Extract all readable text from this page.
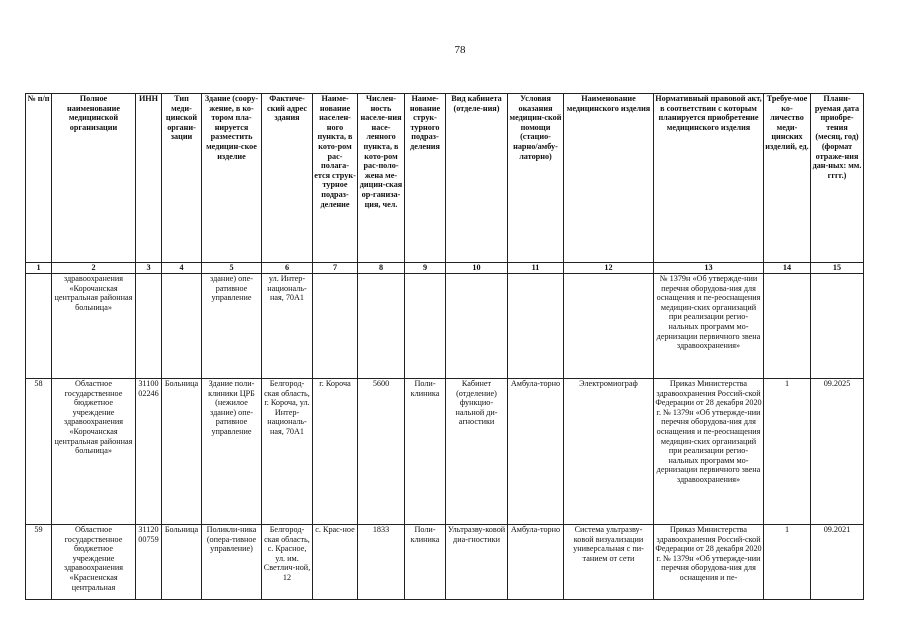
78
№ п/п	Полное наименование медицинской организации	ИНН	Тип меди-цинской органи-зации	Здание (соору-жение, в ко-тором пла-нируется разместить медицин-ское изделие	Фактиче-ский адрес здания	Наиме-нование населен-ного пункта, в кото-ром рас-полага-ется струк-турное подраз-деление	Числен-ность населе-ния насе-ленного пункта, в кото-ром рас-поло-жена ме-дицин-ская ор-ганиза-ция, чел.	Наиме-нование струк-турного подраз-деления	Вид кабинета (отделе-ния)	Условия оказания медицин-ской помощи (стацио-нарно/амбу-латорно)	Наименование медицинского изделия	Нормативный правовой акт, в соответствии с которым планируется приобретение медицинского изделия	Требуе-мое ко-личество меди-цинских изделий, ед.	Плани-руемая дата приобре-тения (месяц, год) (формат отраже-ния дан-ных: мм. гггг.)
1	2	3	4	5	6	7	8	9	10	11	12	13	14	15
	здравоохранения «Корочанская центральная районная больница»			здание) опе-ративное управление	ул. Интер-националь-ная, 70А1							№ 1379н «Об утвержде-нии перечня оборудова-ния для оснащения и пе-реоснащения медицин-ских организаций при реализации регио-нальных программ мо-дернизации первичного звена здравоохранения»		
58	Областное государственное бюджетное учреждение здравоохранения «Корочанская центральная районная больница»	31100 02246	Больница	Здание поли-клиники ЦРБ (нежилое здание) опе-ративное управление	Белгород-ская область, г. Короча, ул. Интер-националь-ная, 70А1	г. Короча	5600	Поли-клиника	Кабинет (отделение) функцио-нальной ди-агностики	Амбула-торно	Электромиограф	Приказ Министерства здравоохранения Россий-ской Федерации от 28 декабря 2020 г. № 1379н «Об утвержде-нии перечня оборудова-ния для оснащения и пе-реоснащения медицин-ских организаций при реализации регио-нальных программ мо-дернизации первичного звена здравоохранения»	1	09.2025
59	Областное государственное бюджетное учреждение здравоохранения «Красненская центральная	31120 00759	Больница	Поликли-ника (опера-тивное управление)	Белгород-ская область, с. Красное, ул. им. Светлич-ной, 12	с. Крас-ное	1833	Поли-клиника	Ультразву-ковой диа-гностики	Амбула-торно	Система ультразву-ковой визуализации универсальная с пи-танием от сети	Приказ Министерства здравоохранения Россий-ской Федерации от 28 декабря 2020 г. № 1379н «Об утвержде-нии перечня оборудова-ния для оснащения и пе-	1	09.2021
